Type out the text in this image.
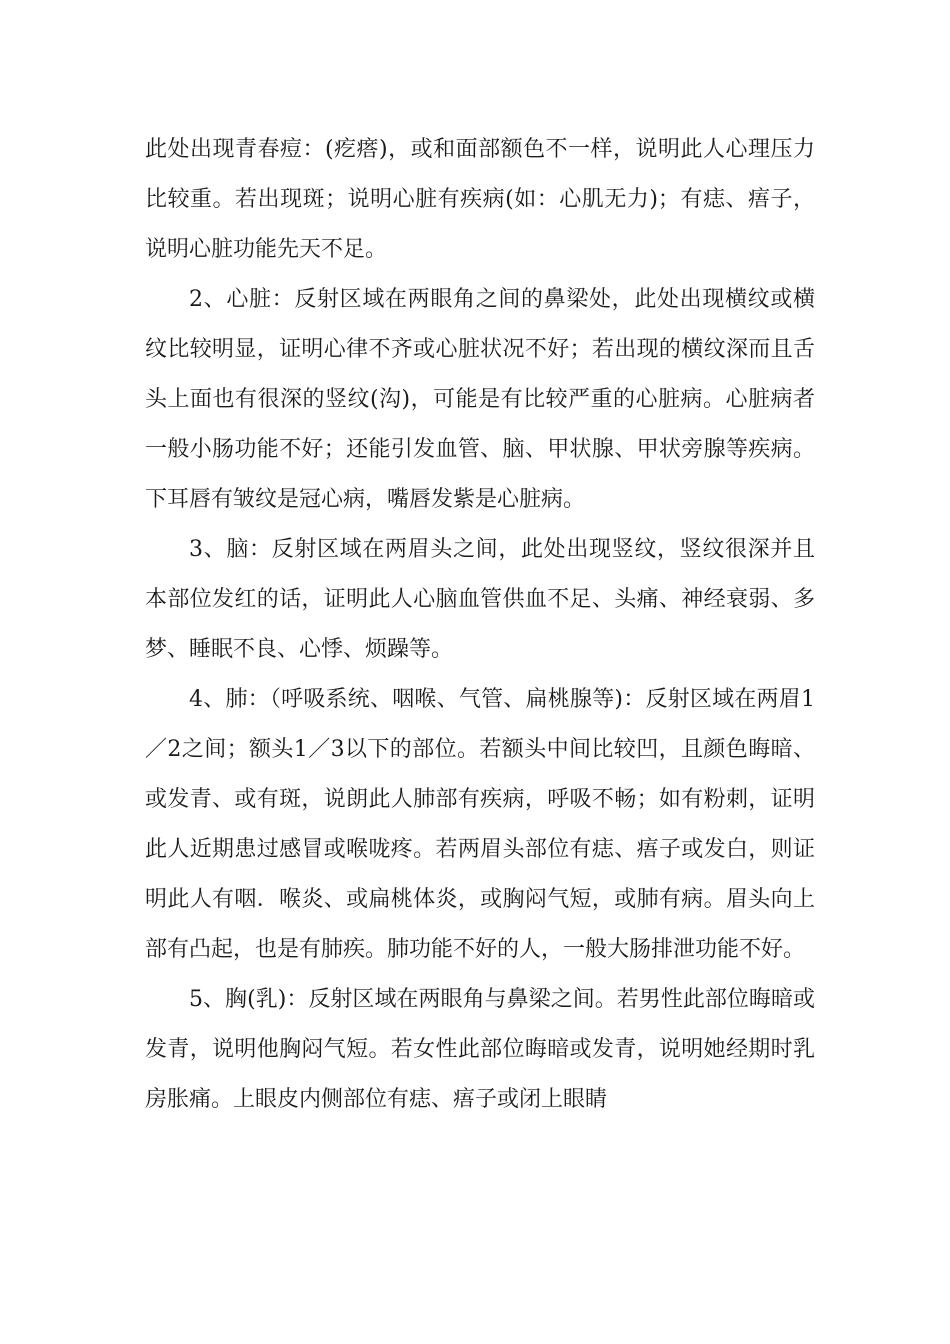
此处出现青春痘：(疙瘩)，或和面部额色不一样，说明此人心理压力比较重。若出现斑；说明心脏有疾病(如：心肌无力)；有痣、痦子，说明心脏功能先天不足。

2、心脏：反射区域在两眼角之间的鼻梁处，此处出现横纹或横纹比较明显，证明心律不齐或心脏状况不好；若出现的横纹深而且舌头上面也有很深的竖纹(沟)，可能是有比较严重的心脏病。心脏病者一般小肠功能不好；还能引发血管、脑、甲状腺、甲状旁腺等疾病。下耳唇有皱纹是冠心病，嘴唇发紫是心脏病。

3、脑：反射区域在两眉头之间，此处出现竖纹，竖纹很深并且本部位发红的话，证明此人心脑血管供血不足、头痛、神经衰弱、多梦、睡眠不良、心悸、烦躁等。

4、肺：（呼吸系统、咽喉、气管、扁桃腺等)：反射区域在两眉1／2之间；额头1／3以下的部位。若额头中间比较凹，且颜色晦暗、或发青、或有斑，说朗此人肺部有疾病，呼吸不畅；如有粉刺，证明此人近期患过感冒或喉咙疼。若两眉头部位有痣、痦子或发白，则证明此人有咽．喉炎、或扁桃体炎，或胸闷气短，或肺有病。眉头向上部有凸起，也是有肺疾。肺功能不好的人，一般大肠排泄功能不好。

5、胸(乳)：反射区域在两眼角与鼻梁之间。若男性此部位晦暗或发青，说明他胸闷气短。若女性此部位晦暗或发青，说明她经期时乳房胀痛。上眼皮内侧部位有痣、痦子或闭上眼睛
